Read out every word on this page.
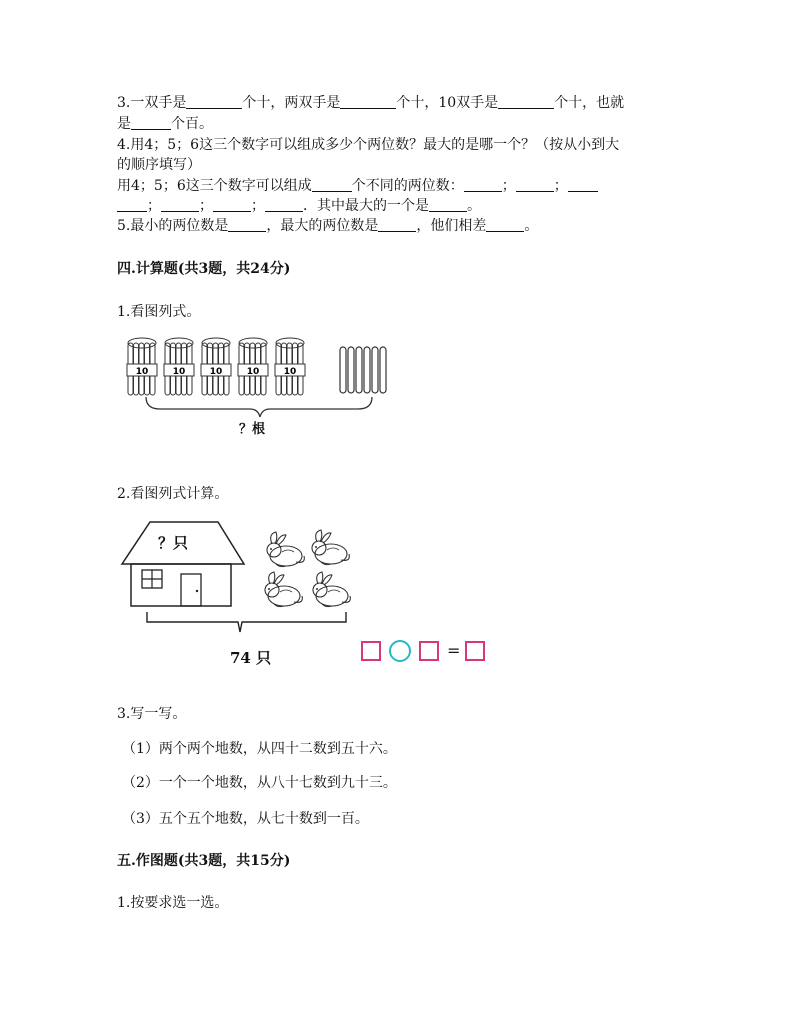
3.一双手是	个十，两双手是	个十，10双手是	个十，也就
是	个百。
4.用4；5；6这三个数字可以组成多少个两位数？最大的是哪一个？（按从小到大
的顺序填写）
用4；5；6这三个数字可以组成	个不同的两位数：	；	；
；	；	；	．其中最大的一个是	。
5.最小的两位数是	，最大的两位数是	，他们相差	。
四.计算题(共3题，共24分)
1.看图列式。
10	10	10	10	10
？根
2.看图列式计算。
？只
74 只	=
3.写一写。
（1）两个两个地数，从四十二数到五十六。
（2）一个一个地数，从八十七数到九十三。
（3）五个五个地数，从七十数到一百。
五.作图题(共3题，共15分)
1.按要求选一选。
